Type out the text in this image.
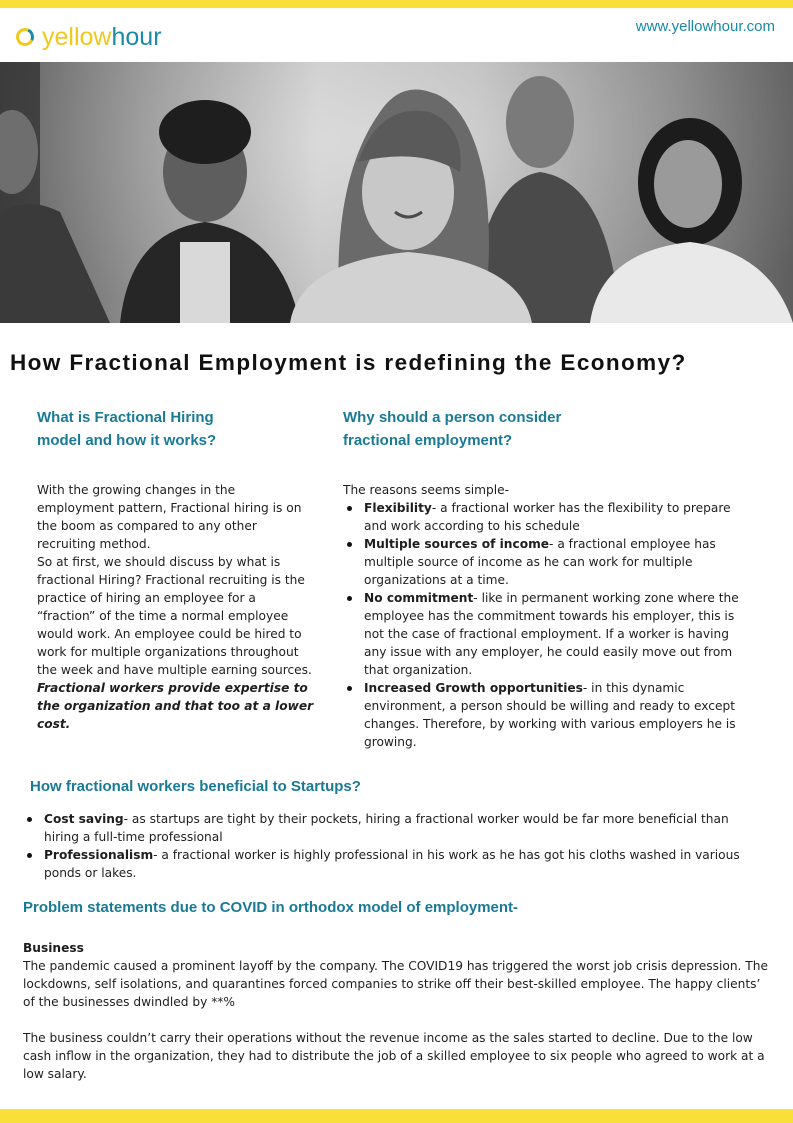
yellowhour	www.yellowhour.com
How Fractional Employment is redefining the Economy?
What is Fractional Hiring
model and how it works?

With the growing changes in the employment pattern, Fractional hiring is on the boom as compared to any other recruiting method.

So at first, we should discuss by what is fractional Hiring? Fractional recruiting is the practice of hiring an employee for a “fraction” of the time a normal employee would work. An employee could be hired to work for multiple organizations throughout the week and have multiple earning sources.

Fractional workers provide expertise to the organization and that too at a lower cost.

Why should a person consider
fractional employment?

The reasons seems simple-

Flexibility- a fractional worker has the flexibility to prepare and work according to his schedule
Multiple sources of income- a fractional employee has multiple source of income as he can work for multiple organizations at a time.
No commitment- like in permanent working zone where the employee has the commitment towards his employer, this is not the case of fractional employment. If a worker is having any issue with any employer, he could easily move out from that organization.
Increased Growth opportunities- in this dynamic environment, a person should be willing and ready to except changes. Therefore, by working with various employers he is growing.
How fractional workers beneficial to Startups?
Cost saving- as startups are tight by their pockets, hiring a fractional worker would be far more beneficial than hiring a full-time professional
Professionalism- a fractional worker is highly professional in his work as he has got his cloths washed in various ponds or lakes.
Problem statements due to COVID in orthodox model of employment-

Business

The pandemic caused a prominent layoff by the company. The COVID19 has triggered the worst job crisis depression. The lockdowns, self isolations, and quarantines forced companies to strike off their best-skilled employee. The happy clients’ of the businesses dwindled by **%

The business couldn’t carry their operations without the revenue income as the sales started to decline. Due to the low cash inflow in the organization, they had to distribute the job of a skilled employee to six people who agreed to work at a low salary.
